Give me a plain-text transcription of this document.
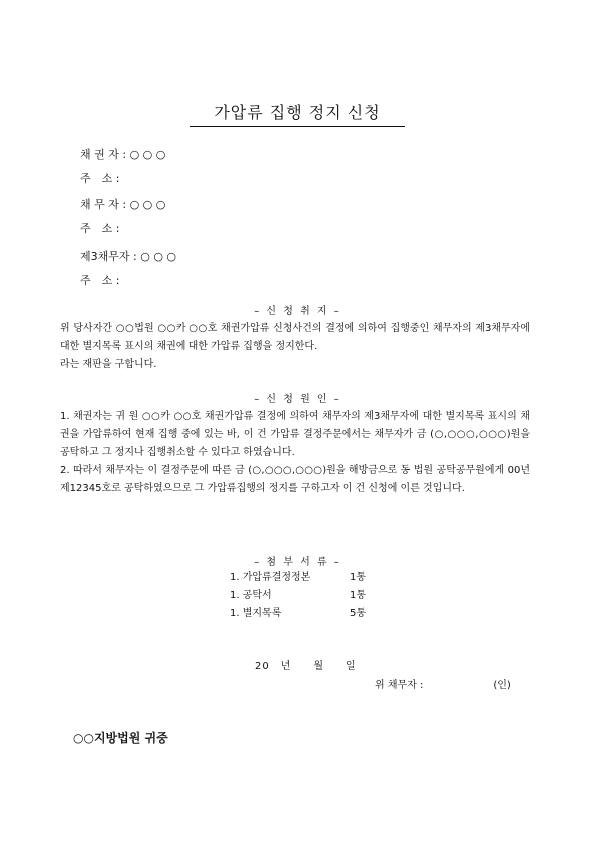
가압류 집행 정지 신청
채 권 자 : ○ ○ ○
주　소 :
채 무 자 : ○ ○ ○
주　소 :
제3채무자 : ○ ○ ○
주　소 :
– 신 청 취 지 –

위 당사자간 ○○법원 ○○카 ○○호 채권가압류 신청사건의 결정에 의하여 집행중인 채무자의 제3채무자에 대한 별지목록 표시의 채권에 대한 가압류 집행을 정지한다.

라는 재판을 구합니다.

– 신 청 원 인 –

1. 채권자는 귀 원 ○○카 ○○호 채권가압류 결정에 의하여 채무자의 제3채무자에 대한 별지목록 표시의 채권을 가압류하여 현재 집행 중에 있는 바, 이 건 가압류 결정주문에서는 채무자가 금 (○,○○○,○○○)원을 공탁하고 그 정지나 집행취소할 수 있다고 하였습니다.

2. 따라서 채무자는 이 결정주문에 따른 금 (○,○○○,○○○)원을 해방금으로 동 법원 공탁공무원에게 00년 제12345호로 공탁하였으므로 그 가압류집행의 정지를 구하고자 이 건 신청에 이른 것입니다.

– 첨 부 서 류 –
1. 가압류결정정본	1통
1. 공탁서	1통
1. 별지목록	5통
20　년　　월　　일
위 채무자 :　　　　　　　(인)
○○지방법원 귀중
